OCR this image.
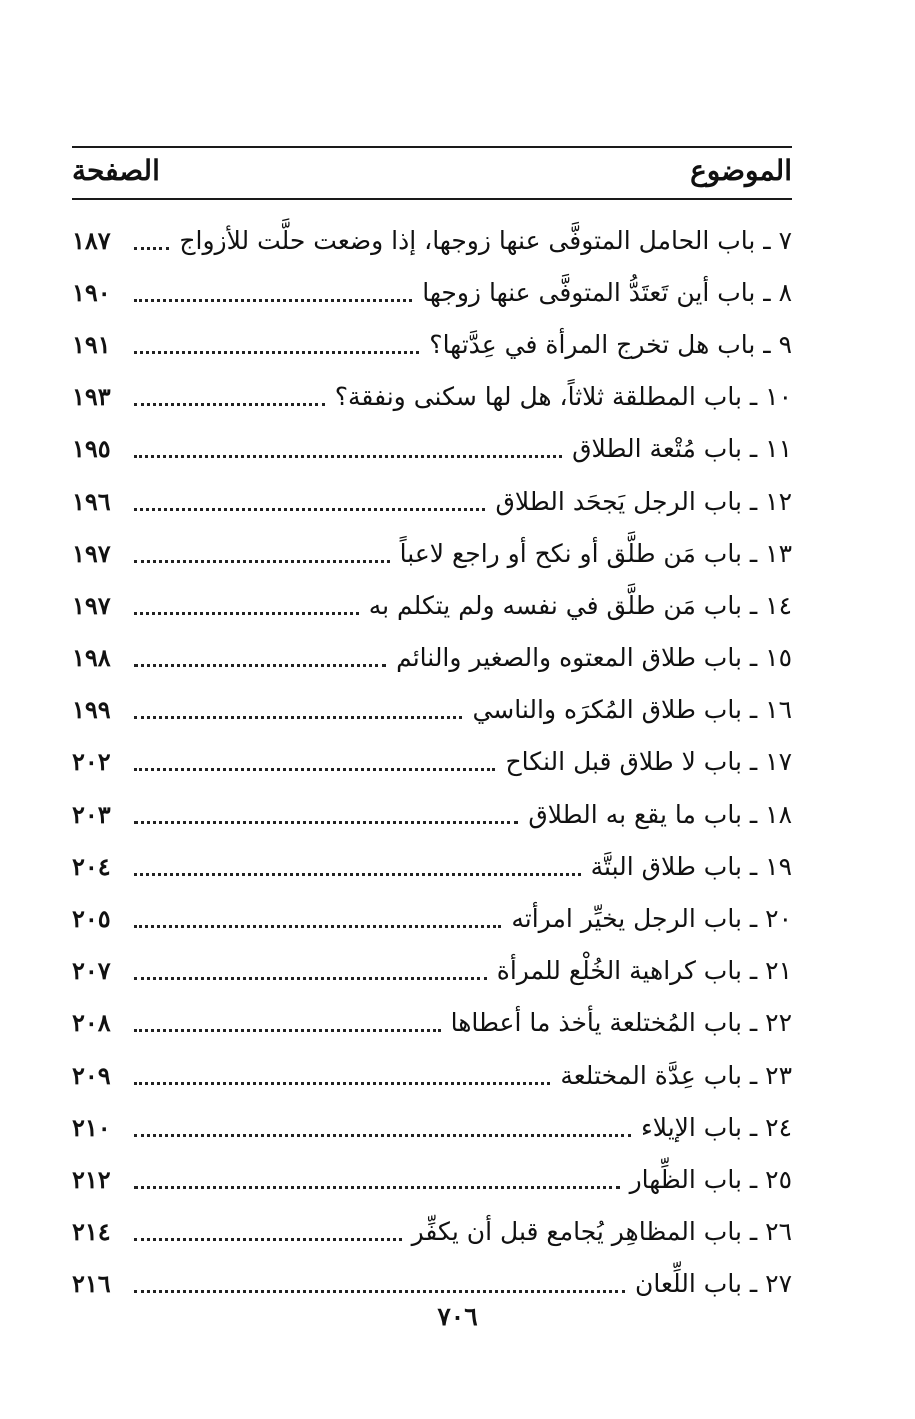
الموضوع
الصفحة
٧ ـ باب الحامل المتوفَّى عنها زوجها، إذا وضعت حلَّت للأزواج
١٨٧
٨ ـ باب أين تَعتَدُّ المتوفَّى عنها زوجها
١٩٠
٩ ـ باب هل تخرج المرأة في عِدَّتها؟
١٩١
١٠ ـ باب المطلقة ثلاثاً، هل لها سكنى ونفقة؟
١٩٣
١١ ـ باب مُتْعة الطلاق
١٩٥
١٢ ـ باب الرجل يَجحَد الطلاق
١٩٦
١٣ ـ باب مَن طلَّق أو نكح أو راجع لاعباً
١٩٧
١٤ ـ باب مَن طلَّق في نفسه ولم يتكلم به
١٩٧
١٥ ـ باب طلاق المعتوه والصغير والنائم
١٩٨
١٦ ـ باب طلاق المُكرَه والناسي
١٩٩
١٧ ـ باب لا طلاق قبل النكاح
٢٠٢
١٨ ـ باب ما يقع به الطلاق
٢٠٣
١٩ ـ باب طلاق البتَّة
٢٠٤
٢٠ ـ باب الرجل يخيِّر امرأته
٢٠٥
٢١ ـ باب كراهية الخُلْع للمرأة
٢٠٧
٢٢ ـ باب المُختلعة يأخذ ما أعطاها
٢٠٨
٢٣ ـ باب عِدَّة المختلعة
٢٠٩
٢٤ ـ باب الإيلاء
٢١٠
٢٥ ـ باب الظِّهار
٢١٢
٢٦ ـ باب المظاهِر يُجامع قبل أن يكفِّر
٢١٤
٢٧ ـ باب اللِّعان
٢١٦
٧٠٦
